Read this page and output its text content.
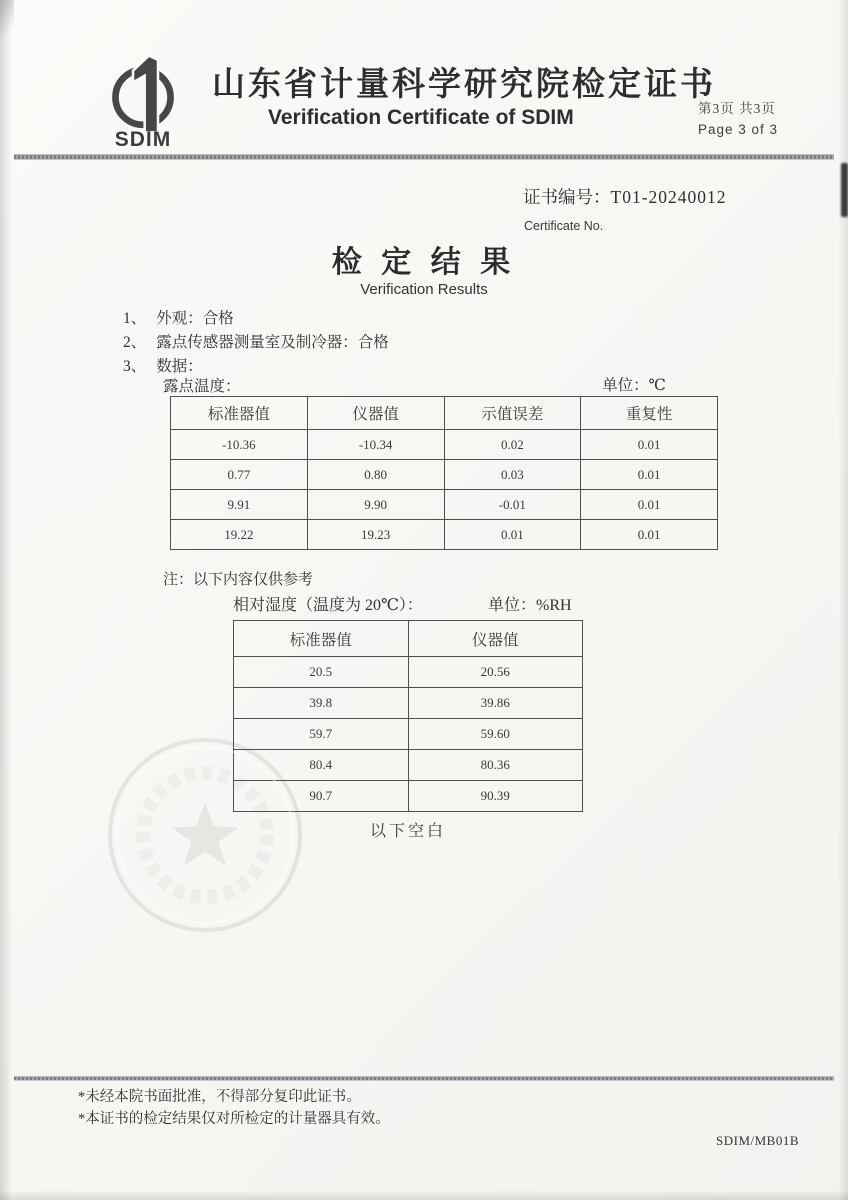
SDIM
山东省计量科学研究院检定证书
Verification Certificate of SDIM	第3页 共3页
Page 3 of 3
证书编号：T01-20240012
Certificate No.
检 定 结 果
Verification Results
1、 外观：合格
2、 露点传感器测量室及制冷器：合格
3、 数据：
露点温度：	单位：℃
标准器值	仪器值	示值误差	重复性
-10.36	-10.34	0.02	0.01
0.77	0.80	0.03	0.01
9.91	9.90	-0.01	0.01
19.22	19.23	0.01	0.01
注：以下内容仅供参考
相对湿度（温度为 20℃）：	单位：%RH
标准器值	仪器值
20.5	20.56
39.8	39.86
59.7	59.60
80.4	80.36
90.7	90.39
以下空白
*未经本院书面批准，不得部分复印此证书。
*本证书的检定结果仅对所检定的计量器具有效。
SDIM/MB01B
